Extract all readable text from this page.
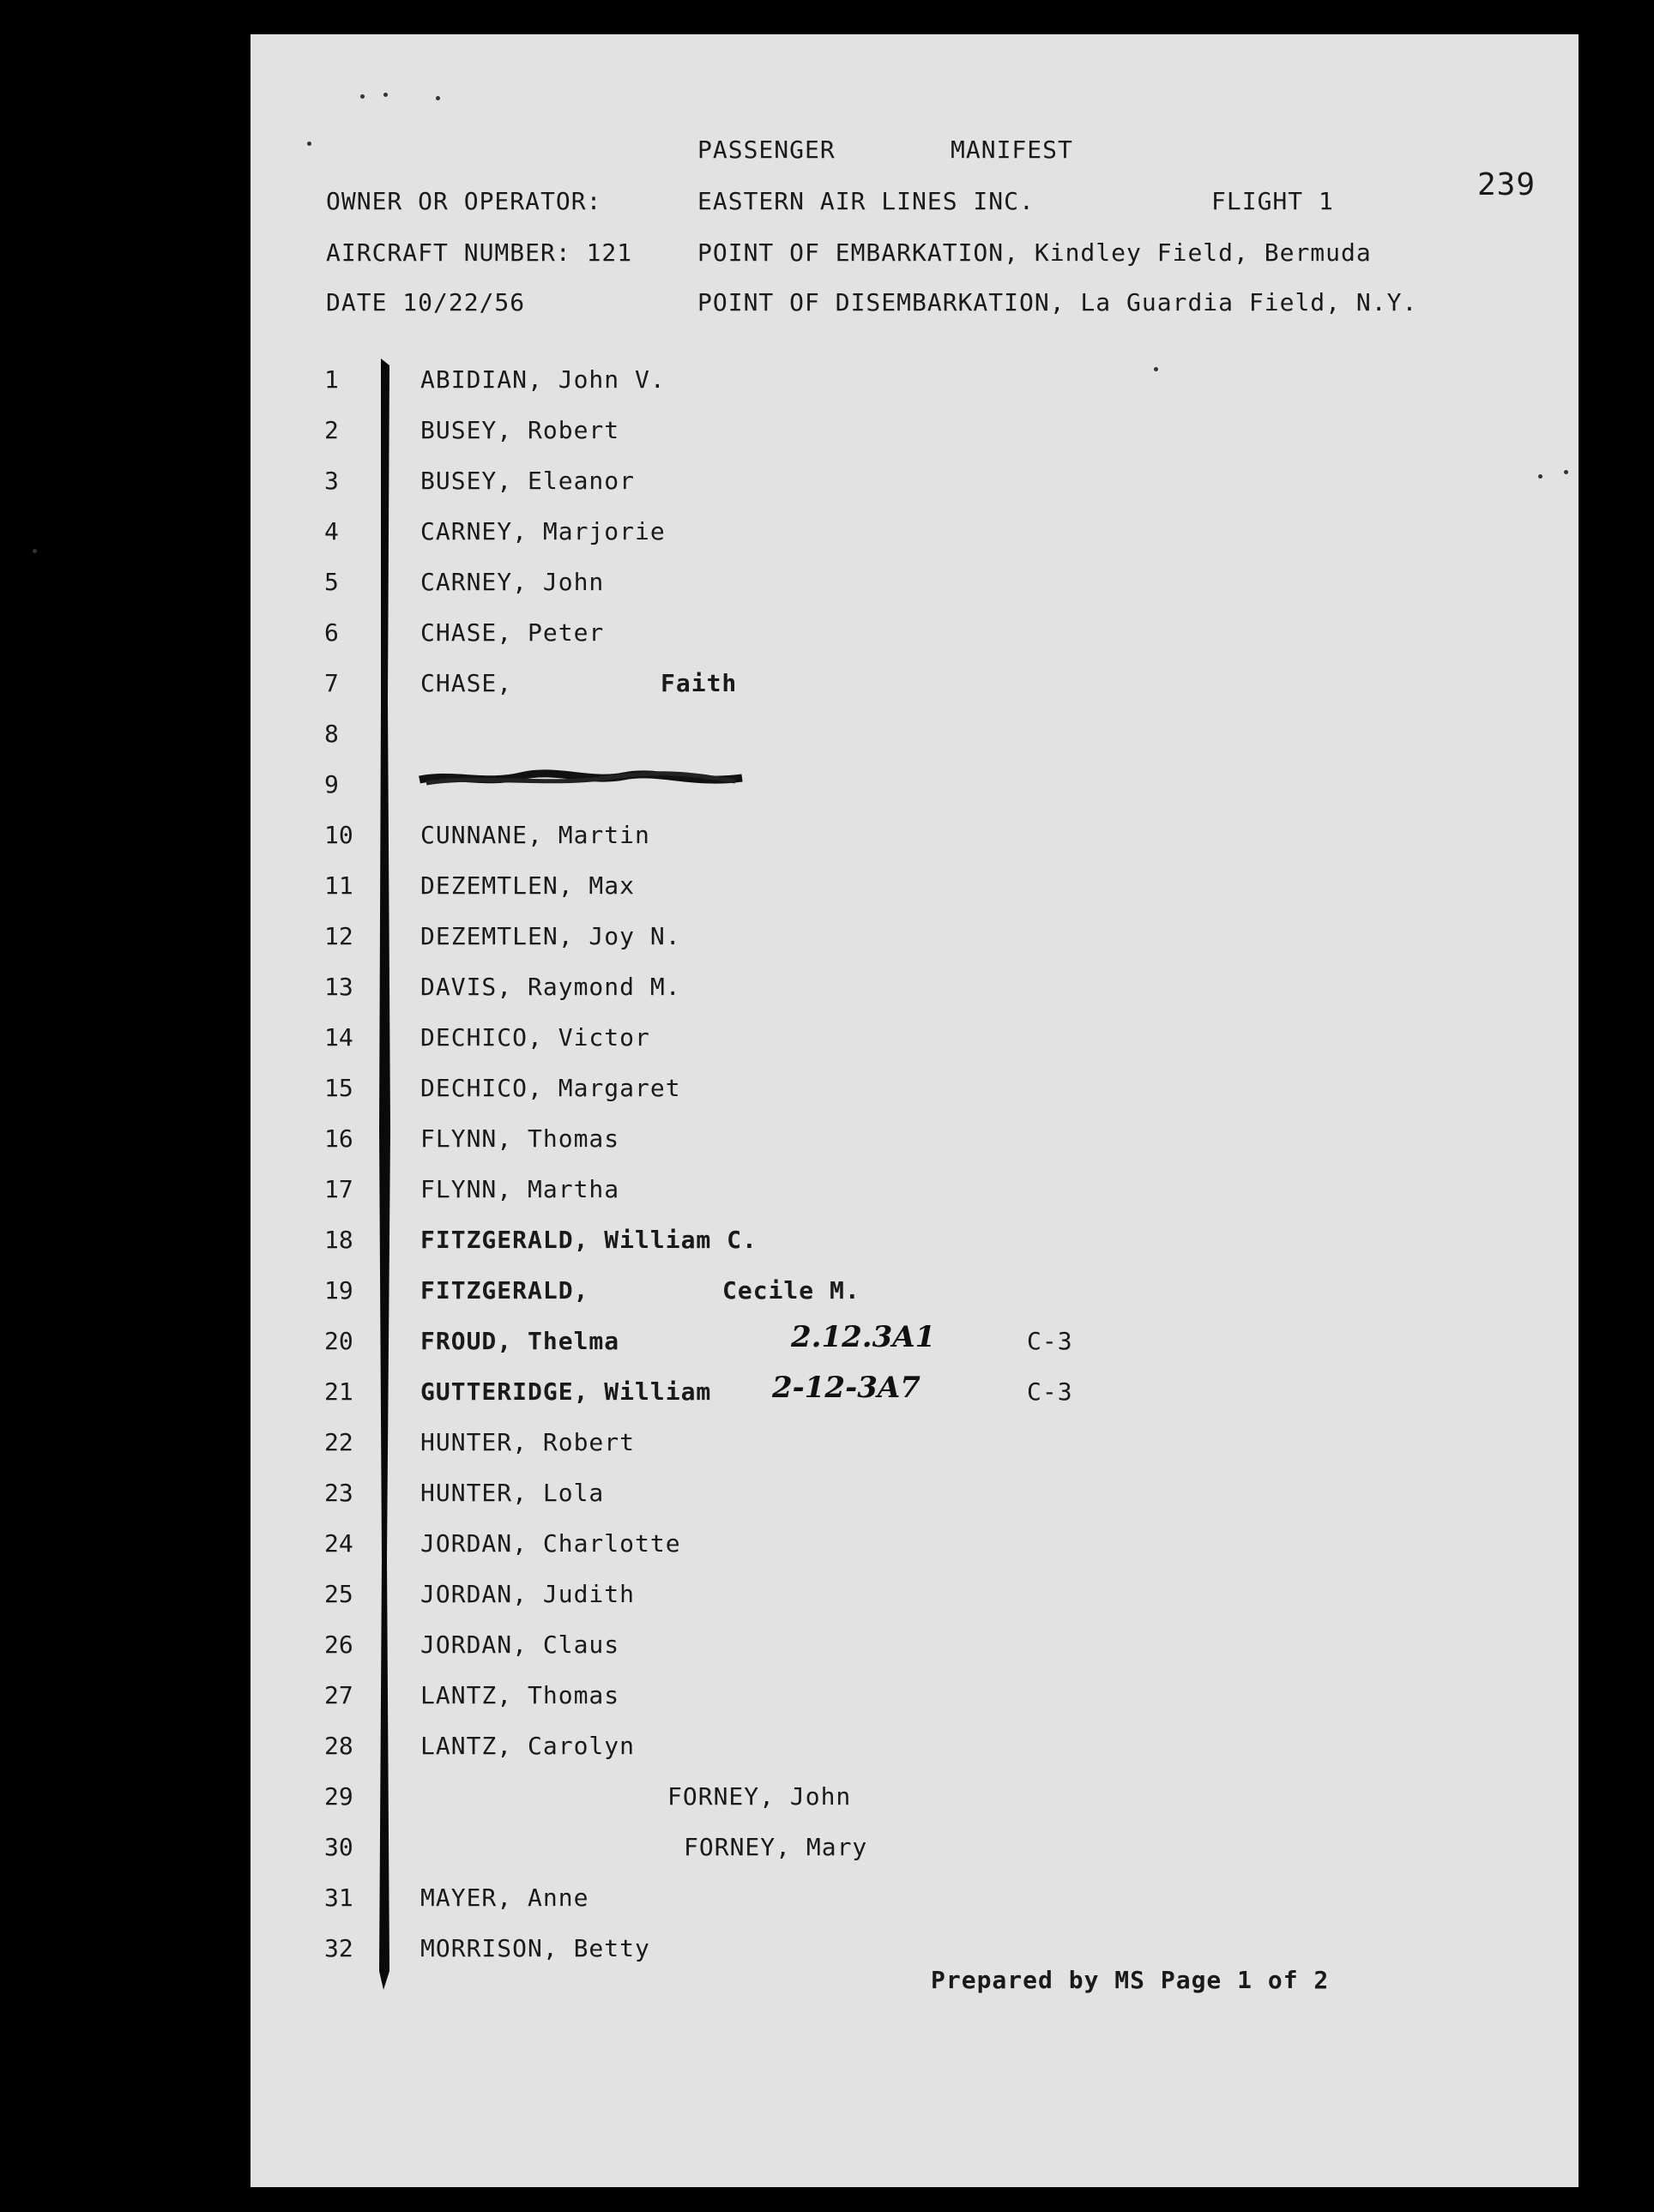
PASSENGER	MANIFEST
OWNER OR OPERATOR:	EASTERN AIR LINES INC.	FLIGHT 1	239
AIRCRAFT NUMBER: 121	POINT OF EMBARKATION, Kindley Field, Bermuda
DATE 10/22/56	POINT OF DISEMBARKATION, La Guardia Field, N.Y.
1	ABIDIAN, John V.
2	BUSEY, Robert
3	BUSEY, Eleanor
4	CARNEY, Marjorie
5	CARNEY, John
6	CHASE, Peter
7	CHASE,	Faith
8
9
10	CUNNANE, Martin
11	DEZEMTLEN, Max
12	DEZEMTLEN, Joy N.
13	DAVIS, Raymond M.
14	DECHICO, Victor
15	DECHICO, Margaret
16	FLYNN, Thomas
17	FLYNN, Martha
18	FITZGERALD, William C.
19	FITZGERALD,	Cecile M.
20	FROUD, Thelma	2.12.3A1	C-3
21	GUTTERIDGE, William 2-12-3A7	C-3
22	HUNTER, Robert
23	HUNTER, Lola
24	JORDAN, Charlotte
25	JORDAN, Judith
26	JORDAN, Claus
27	LANTZ, Thomas
28	LANTZ, Carolyn
29	FORNEY, John
30	FORNEY, Mary
31	MAYER, Anne
32	MORRISON, Betty
Prepared by MS Page 1 of 2
